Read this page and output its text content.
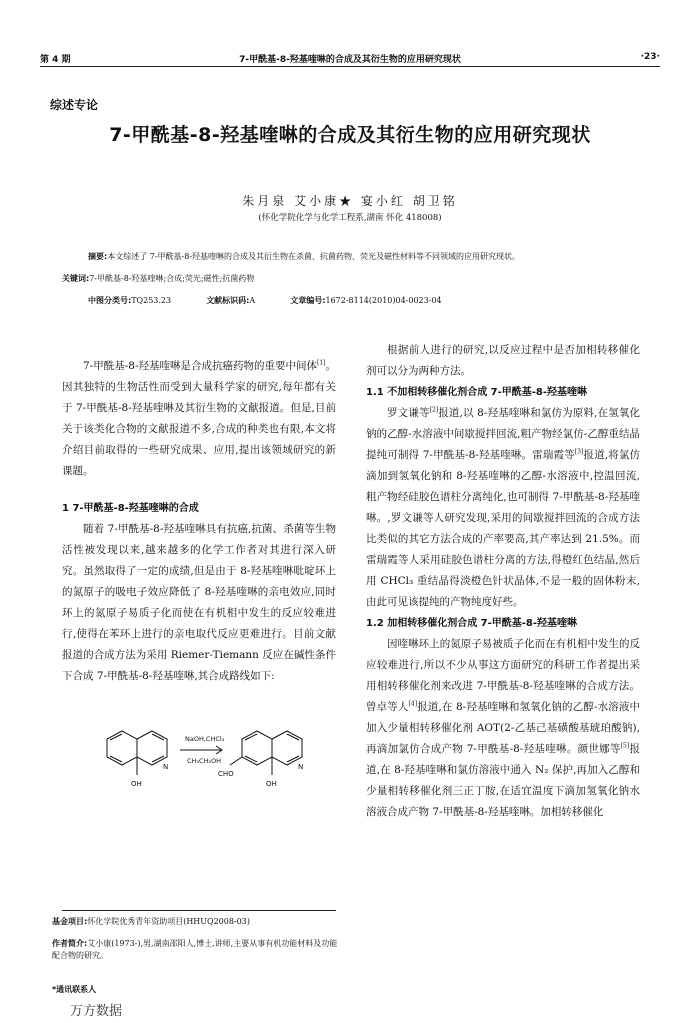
第 4 期	7-甲酰基-8-羟基喹啉的合成及其衍生物的应用研究现状	·23·
综述专论
7-甲酰基-8-羟基喹啉的合成及其衍生物的应用研究现状
朱月泉 艾小康★ 宴小红 胡卫铭
(怀化学院化学与化学工程系,湖南 怀化 418008)
摘要:本文综述了 7-甲酰基-8-羟基喹啉的合成及其衍生物在杀菌、抗菌药物、荧光及磁性材料等不同领域的应用研究现状。
关键词:7-甲酰基-8-羟基喹啉;合成;荧光;磁性;抗菌药物
中图分类号:TQ253.23	文献标识码:A	文章编号:1672-8114(2010)04-0023-04

7-甲酰基-8-羟基喹啉是合成抗癌药物的重要中间体[1]。因其独特的生物活性而受到大量科学家的研究,每年都有关于 7-甲酰基-8-羟基喹啉及其衍生物的文献报道。但是,目前关于该类化合物的文献报道不多,合成的种类也有限,本文将介绍目前取得的一些研究成果、应用,提出该领域研究的新课题。

1 7-甲酰基-8-羟基喹啉的合成

随着 7-甲酰基-8-羟基喹啉具有抗癌,抗菌、杀菌等生物活性被发现以来,越来越多的化学工作者对其进行深入研究。虽然取得了一定的成绩,但是由于 8-羟基喹啉吡啶环上的氮原子的吸电子效应降低了 8-羟基喹啉的亲电效应,同时环上的氮原子易质子化而使在有机相中发生的反应较难进行,使得在苯环上进行的亲电取代反应更难进行。目前文献报道的合成方法为采用 Riemer-Tiemann 反应在碱性条件下合成 7-甲酰基-8-羟基喹啉,其合成路线如下:

NaOH,CHCl₃
CH₃CH₂OH
N
OH
N
OH
CHO
基金项目:怀化学院优秀青年资助项目(HHUQ2008-03)
作者简介:艾小康(1973-),男,湖南邵阳人,博士,讲师,主要从事有机功能材料及功能配合物的研究。
*通讯联系人

根据前人进行的研究,以反应过程中是否加相转移催化剂可以分为两种方法。

1.1 不加相转移催化剂合成 7-甲酰基-8-羟基喹啉

罗文谦等[2]报道,以 8-羟基喹啉和氯仿为原料,在氢氧化钠的乙醇-水溶液中间歇搅拌回流,粗产物经氯仿-乙醇重结晶提纯可制得 7-甲酰基-8-羟基喹啉。雷瑞霞等[3]报道,将氯仿滴加到氢氧化钠和 8-羟基喹啉的乙醇-水溶液中,控温回流,粗产物经硅胶色谱柱分离纯化,也可制得 7-甲酰基-8-羟基喹啉。,罗文谦等人研究发现,采用的间歇搅拌回流的合成方法比类似的其它方法合成的产率要高,其产率达到 21.5%。而雷瑞霞等人采用硅胶色谱柱分离的方法,得橙红色结晶,然后用 CHCl₃ 重结晶得淡橙色针状晶体,不是一般的固体粉末,由此可见该提纯的产物纯度好些。

1.2 加相转移催化剂合成 7-甲酰基-8-羟基喹啉

因喹啉环上的氮原子易被质子化而在有机相中发生的反应较难进行,所以不少从事这方面研究的科研工作者提出采用相转移催化剂来改进 7-甲酰基-8-羟基喹啉的合成方法。曾卓等人[4]报道,在 8-羟基喹啉和氢氧化钠的乙醇-水溶液中加入少量相转移催化剂 AOT(2-乙基己基磺酸基琥珀酸钠),再滴加氯仿合成产物 7-甲酰基-8-羟基喹啉。颜世娜等[5]报道,在 8-羟基喹啉和氯仿溶液中通入 N₂ 保护,再加入乙醇和少量相转移催化剂三正丁胺,在适宜温度下滴加氢氧化钠水溶液合成产物 7-甲酰基-8-羟基喹啉。加相转移催化

万方数据
